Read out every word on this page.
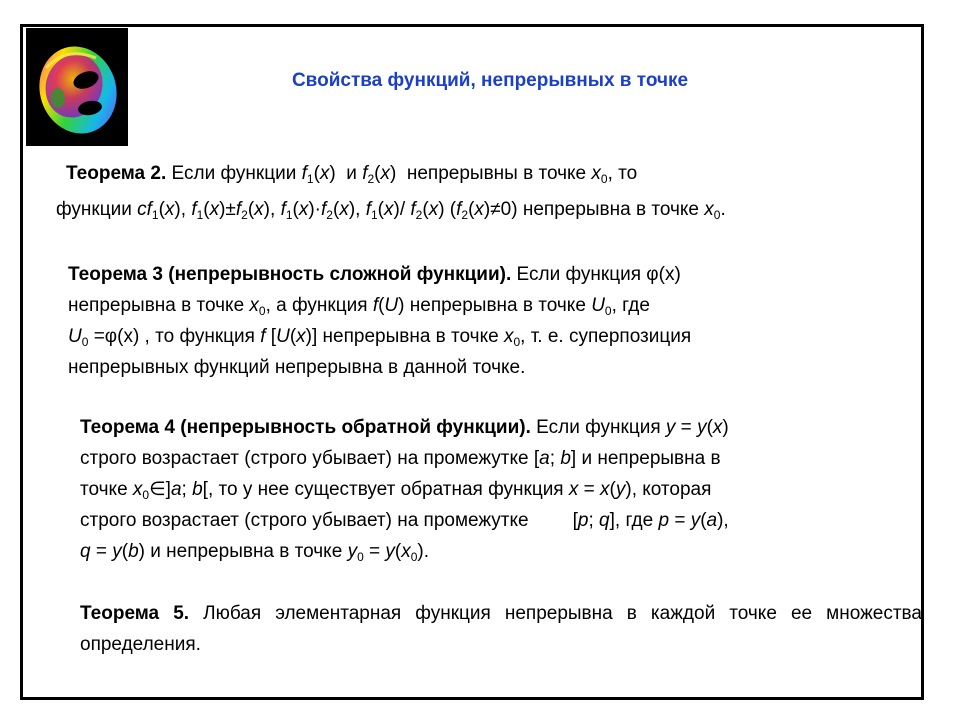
Свойства функций, непрерывных в точке
Теорема 2. Если функции $f_1(x)$  и $f_2(x)$  непрерывны в точке $x_0$, то
функции $cf_1(x)$, $f_1(x)\pm f_2(x)$, $f_1(x)\cdot f_2(x)$, $f_1(x)/$ $f_2(x)$ $(f_2(x)\ne 0)$ непрерывна в точке $x_0$.
Теорема 3 (непрерывность сложной функции). Если функция φ(x)
непрерывна в точке $x_0$, а функция f(U) непрерывна в точке $U_0$, где
$U_0 =\varphi(x)$ , то функция f [U(x)] непрерывна в точке $x_0$, т. е. суперпозиция
непрерывных функций непрерывна в данной точке.
Теорема 4 (непрерывность обратной функции). Если функция y = y(x)
строго возрастает (строго убывает) на промежутке [a; b] и непрерывна в
точке $x_0\in]a$; b[, то у нее существует обратная функция x = x(y), которая
строго возрастает (строго убывает) на промежутке [p; q], где p = y(a),
q = y(b) и непрерывна в точке $y_0 = y(x_0)$.
Теорема 5. Любая элементарная функция непрерывна в каждой точке ее множества определения.
